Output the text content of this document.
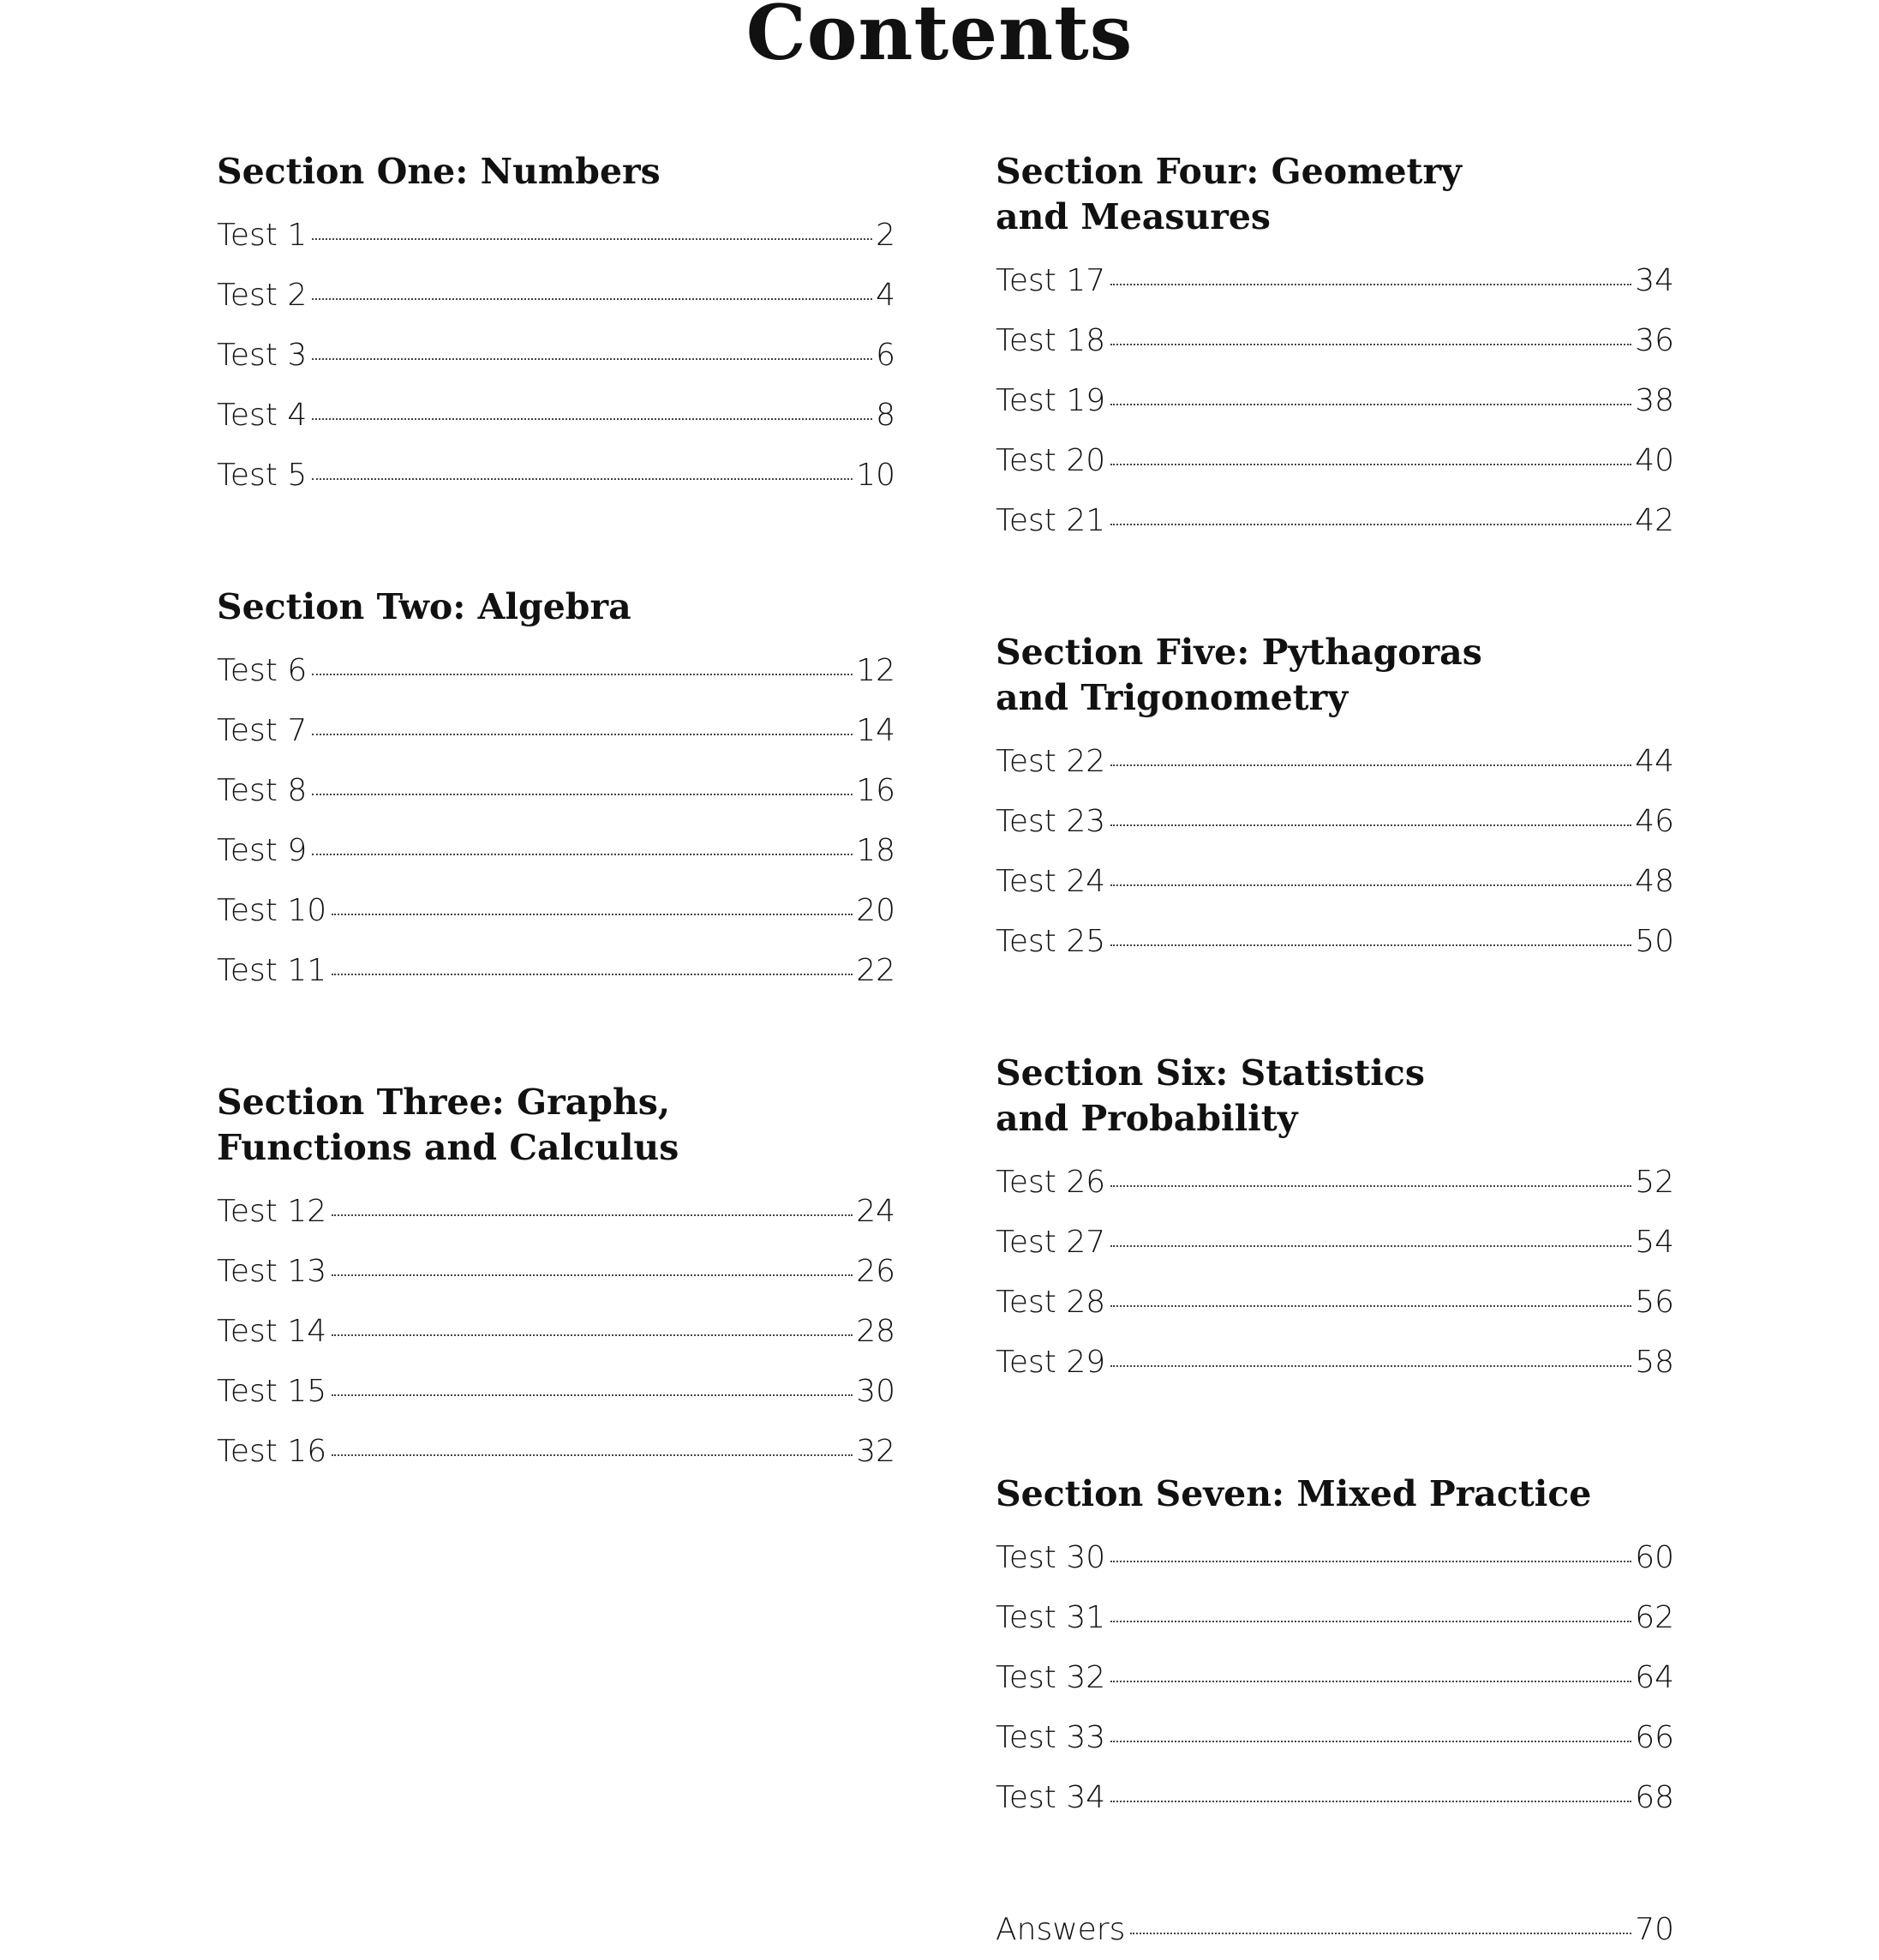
Contents
Section One: Numbers
Test 1	2
Test 2	4
Test 3	6
Test 4	8
Test 5	10
Section Two: Algebra
Test 6	12
Test 7	14
Test 8	16
Test 9	18
Test 10	20
Test 11	22
Section Three: Graphs,
Functions and Calculus
Test 12	24
Test 13	26
Test 14	28
Test 15	30
Test 16	32
Section Four: Geometry
and Measures
Test 17	34
Test 18	36
Test 19	38
Test 20	40
Test 21	42
Section Five: Pythagoras
and Trigonometry
Test 22	44
Test 23	46
Test 24	48
Test 25	50
Section Six: Statistics
and Probability
Test 26	52
Test 27	54
Test 28	56
Test 29	58
Section Seven: Mixed Practice
Test 30	60
Test 31	62
Test 32	64
Test 33	66
Test 34	68
Answers	70
